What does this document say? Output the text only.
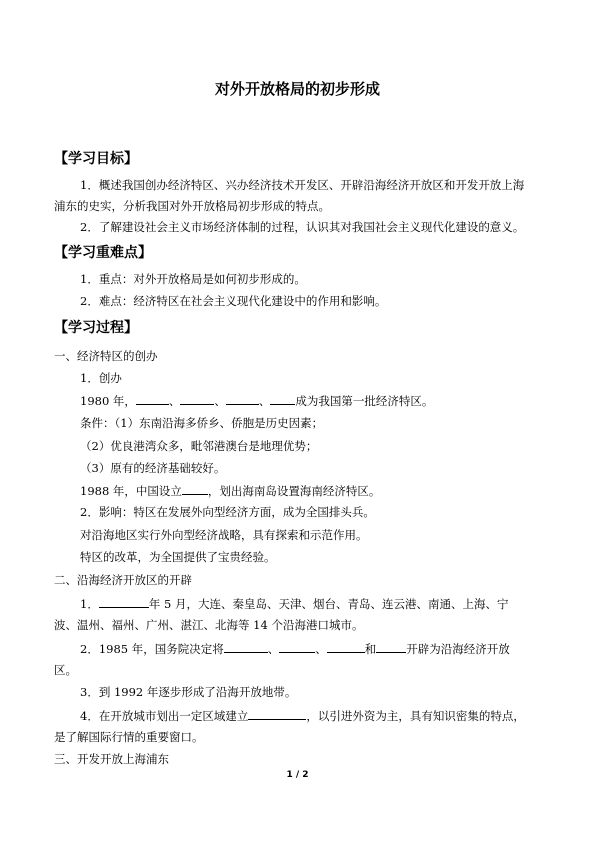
对外开放格局的初步形成
【学习目标】
1．概述我国创办经济特区、兴办经济技术开发区、开辟沿海经济开放区和开发开放上海
浦东的史实，分析我国对外开放格局初步形成的特点。
2．了解建设社会主义市场经济体制的过程，认识其对我国社会主义现代化建设的意义。
【学习重难点】
1．重点：对外开放格局是如何初步形成的。
2．难点：经济特区在社会主义现代化建设中的作用和影响。
【学习过程】
一、经济特区的创办
1．创办
1980 年，	、	、	、 成为我国第一批经济特区。
条件：（1）东南沿海多侨乡、侨胞是历史因素；
（2）优良港湾众多，毗邻港澳台是地理优势；
（3）原有的经济基础较好。
1988 年，中国设立 ，划出海南岛设置海南经济特区。
2．影响：特区在发展外向型经济方面，成为全国排头兵。
对沿海地区实行外向型经济战略，具有探索和示范作用。
特区的改革，为全国提供了宝贵经验。
二、沿海经济开放区的开辟
1．	年 5 月，大连、秦皇岛、天津、烟台、青岛、连云港、南通、上海、宁
波、温州、福州、广州、湛江、北海等 14 个沿海港口城市。
2．1985 年，国务院决定将	、	、	和	开辟为沿海经济开放
区。
3．到 1992 年逐步形成了沿海开放地带。
4．在开放城市划出一定区域建立	，以引进外资为主，具有知识密集的特点，
是了解国际行情的重要窗口。
三、开发开放上海浦东
1 / 2
